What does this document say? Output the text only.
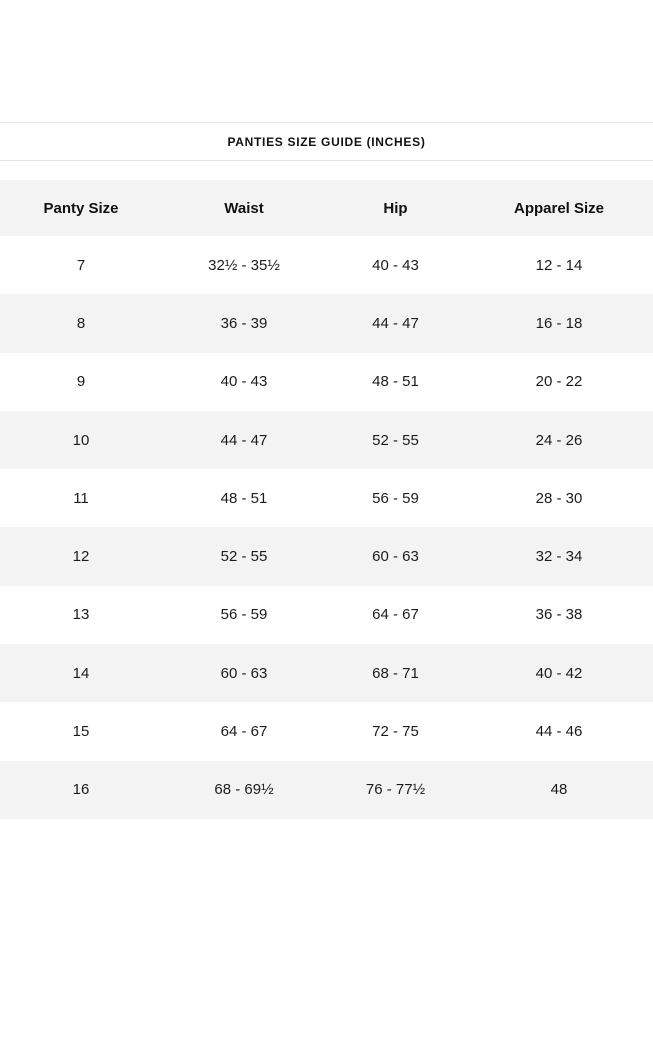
PANTIES SIZE GUIDE (INCHES)
Panty Size	Waist	Hip	Apparel Size
7	32½ - 35½	40 - 43	12 - 14
8	36 - 39	44 - 47	16 - 18
9	40 - 43	48 - 51	20 - 22
10	44 - 47	52 - 55	24 - 26
11	48 - 51	56 - 59	28 - 30
12	52 - 55	60 - 63	32 - 34
13	56 - 59	64 - 67	36 - 38
14	60 - 63	68 - 71	40 - 42
15	64 - 67	72 - 75	44 - 46
16	68 - 69½	76 - 77½	48
